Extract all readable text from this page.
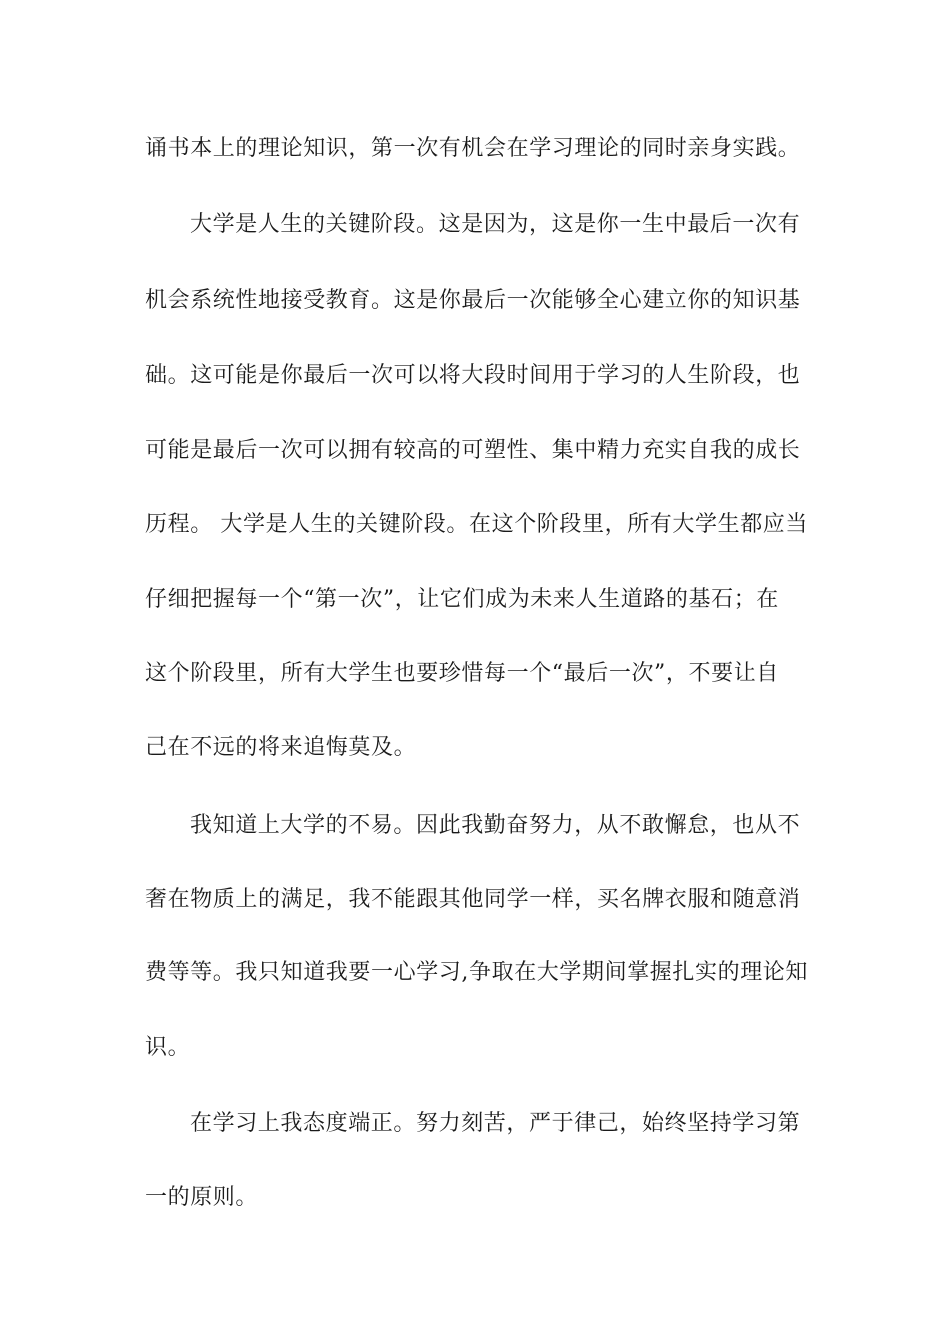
诵书本上的理论知识，第一次有机会在学习理论的同时亲身实践。
大学是人生的关键阶段。这是因为，这是你一生中最后一次有
机会系统性地接受教育。这是你最后一次能够全心建立你的知识基
础。这可能是你最后一次可以将大段时间用于学习的人生阶段，也
可能是最后一次可以拥有较高的可塑性、集中精力充实自我的成长
历程。 大学是人生的关键阶段。在这个阶段里，所有大学生都应当
仔细把握每一个“第一次”，让它们成为未来人生道路的基石；在
这个阶段里，所有大学生也要珍惜每一个“最后一次”，不要让自
己在不远的将来追悔莫及。
我知道上大学的不易。因此我勤奋努力，从不敢懈怠，也从不
奢在物质上的满足，我不能跟其他同学一样，买名牌衣服和随意消
费等等。我只知道我要一心学习,争取在大学期间掌握扎实的理论知
识。
在学习上我态度端正。努力刻苦，严于律己，始终坚持学习第
一的原则。
